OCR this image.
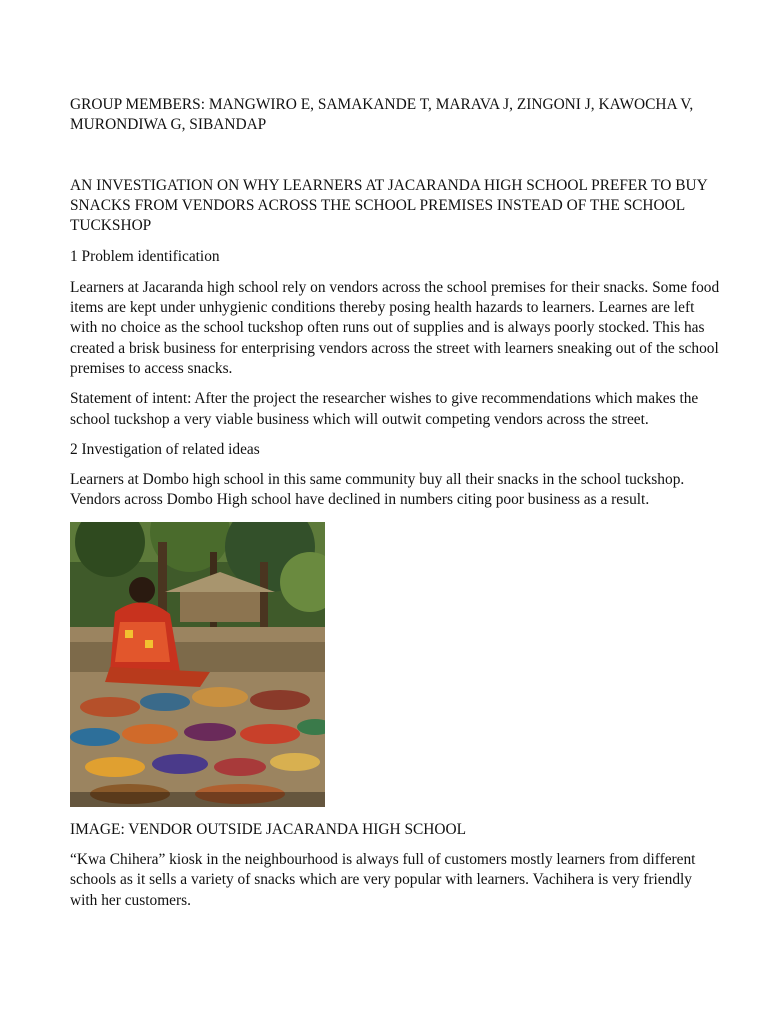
GROUP MEMBERS: MANGWIRO E, SAMAKANDE T, MARAVA J, ZINGONI J, KAWOCHA V, MURONDIWA G, SIBANDAP

AN INVESTIGATION ON WHY LEARNERS AT JACARANDA HIGH SCHOOL PREFER TO BUY SNACKS FROM VENDORS ACROSS THE SCHOOL PREMISES INSTEAD OF THE SCHOOL TUCKSHOP

1 Problem identification

Learners at Jacaranda high school rely on vendors across the school premises for their snacks. Some food items are kept under unhygienic conditions thereby posing health hazards to learners. Learnes are left with no choice as the school tuckshop often runs out of supplies and is always poorly stocked. This has created a brisk business for enterprising vendors across the street with learners sneaking out of the school premises to access snacks.

Statement of intent: After the project the researcher wishes to give recommendations which makes the school tuckshop a very viable business which will outwit competing vendors across the street.

2 Investigation of related ideas

Learners at Dombo high school in this same community buy all their snacks in the school tuckshop. Vendors across Dombo High school have declined in numbers citing poor business as a result.

IMAGE: VENDOR OUTSIDE JACARANDA HIGH SCHOOL

“Kwa Chihera” kiosk in the neighbourhood is always full of customers mostly learners from different schools as it sells a variety of snacks which are very popular with learners. Vachihera is very friendly with her customers.
